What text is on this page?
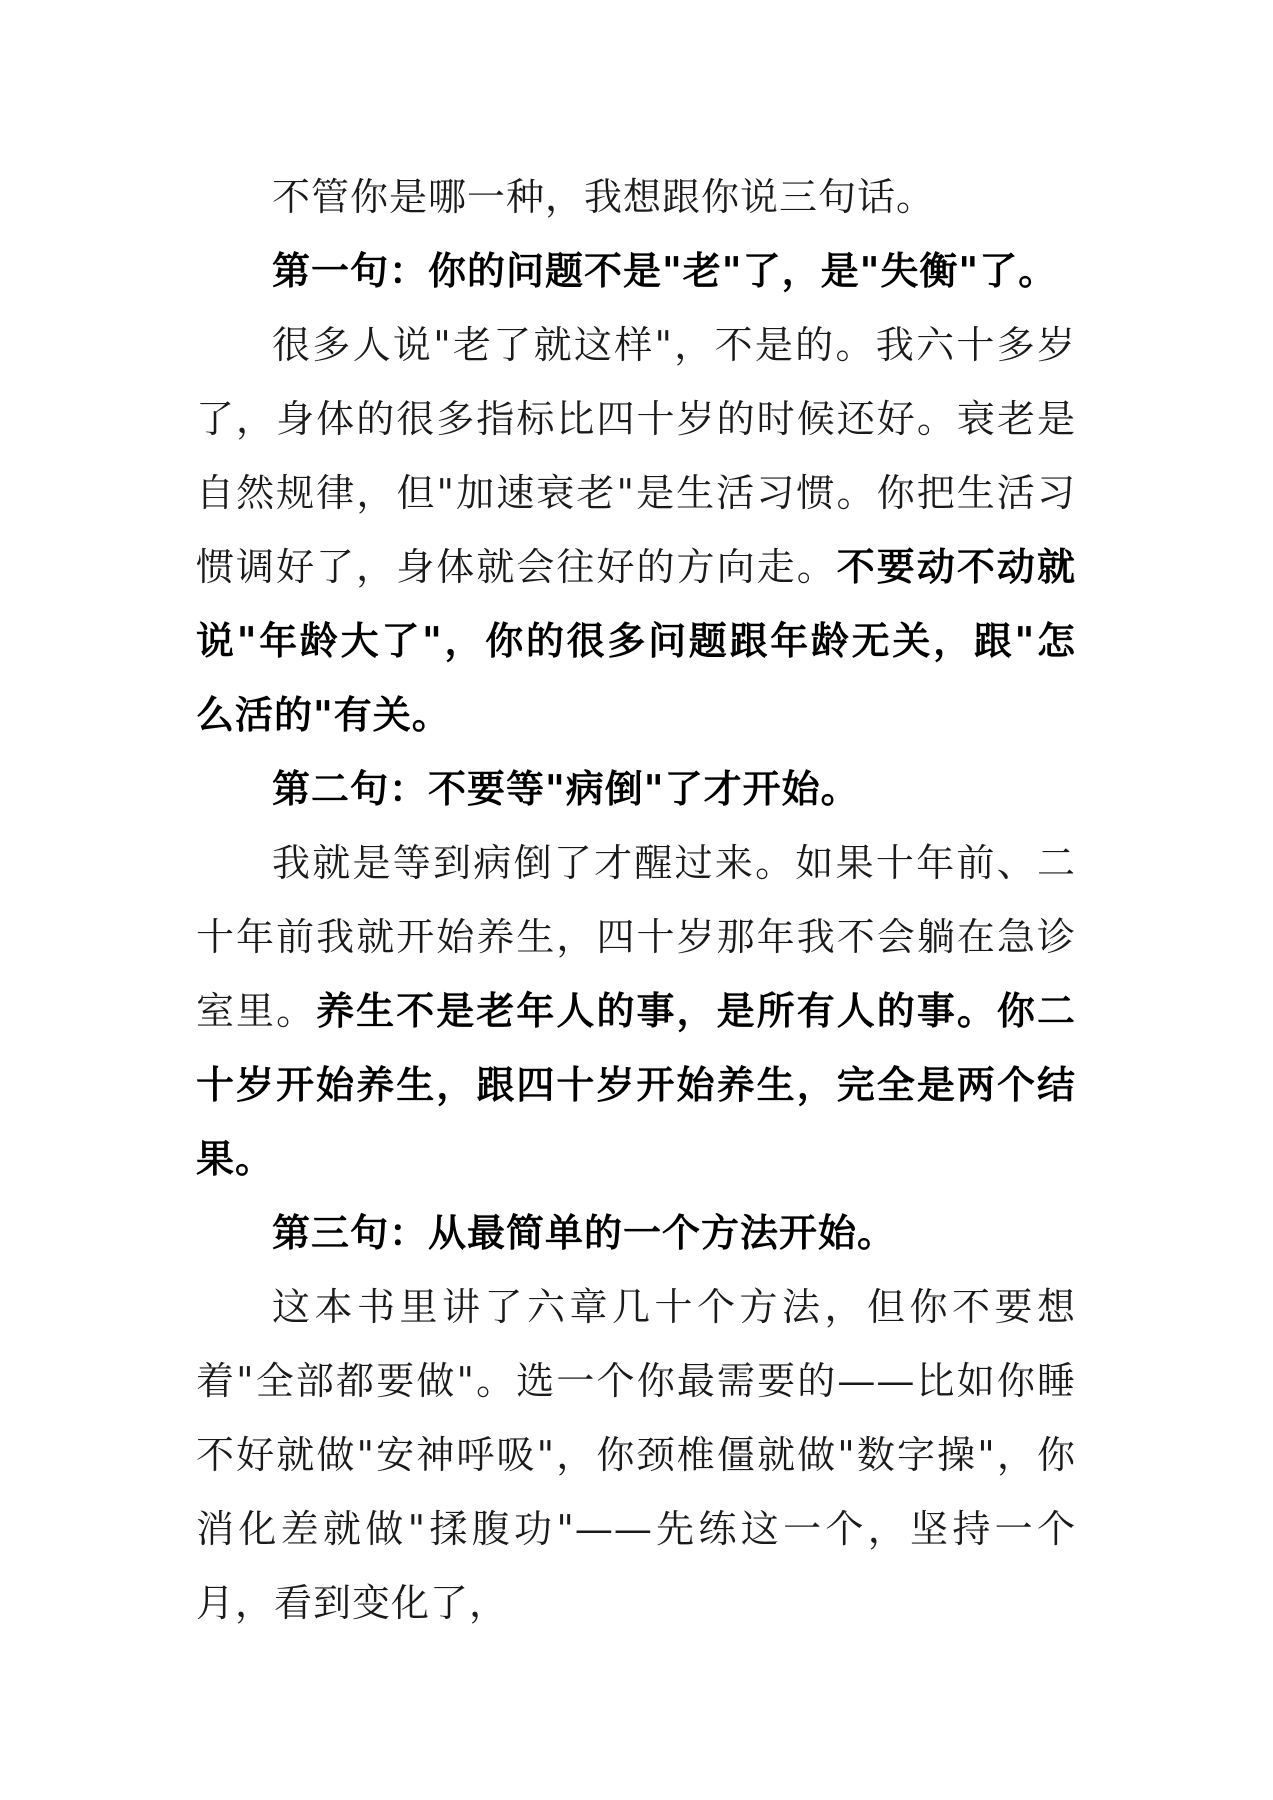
不管你是哪一种，我想跟你说三句话。

第一句：你的问题不是"老"了，是"失衡"了。

很多人说"老了就这样"，不是的。我六十多岁了，身体的很多指标比四十岁的时候还好。衰老是自然规律，但"加速衰老"是生活习惯。你把生活习惯调好了，身体就会往好的方向走。不要动不动就说"年龄大了"，你的很多问题跟年龄无关，跟"怎么活的"有关。

第二句：不要等"病倒"了才开始。

我就是等到病倒了才醒过来。如果十年前、二十年前我就开始养生，四十岁那年我不会躺在急诊室里。养生不是老年人的事，是所有人的事。你二十岁开始养生，跟四十岁开始养生，完全是两个结果。

第三句：从最简单的一个方法开始。

这本书里讲了六章几十个方法，但你不要想着"全部都要做"。选一个你最需要的——比如你睡不好就做"安神呼吸"，你颈椎僵就做"数字操"，你消化差就做"揉腹功"——先练这一个，坚持一个月，看到变化了，
